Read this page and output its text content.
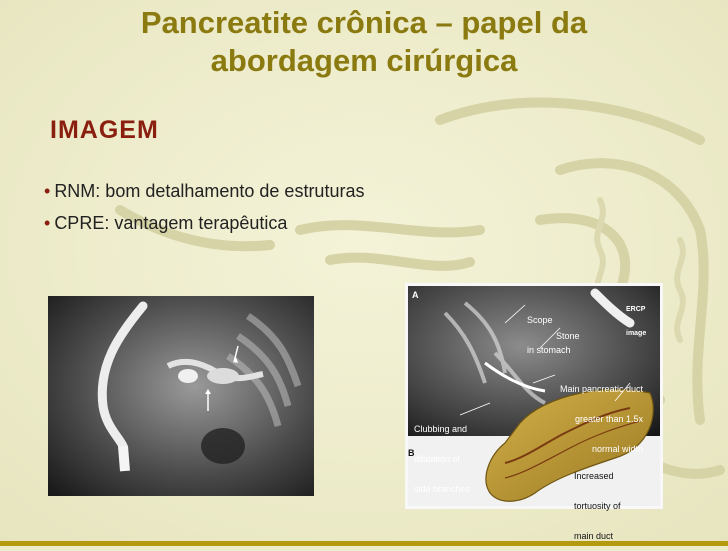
Pancreatite crônica – papel da
abordagem cirúrgica
IMAGEM
• RNM: bom detalhamento de estruturas
• CPRE: vantagem terapêutica
A
B

ERCP

image

Scope

in stomach

Stone

Main pancreatic duct

greater than 1.5x

normal width

Clubbing and

dilatation of

side branches

Increased

tortuosity of

main duct
